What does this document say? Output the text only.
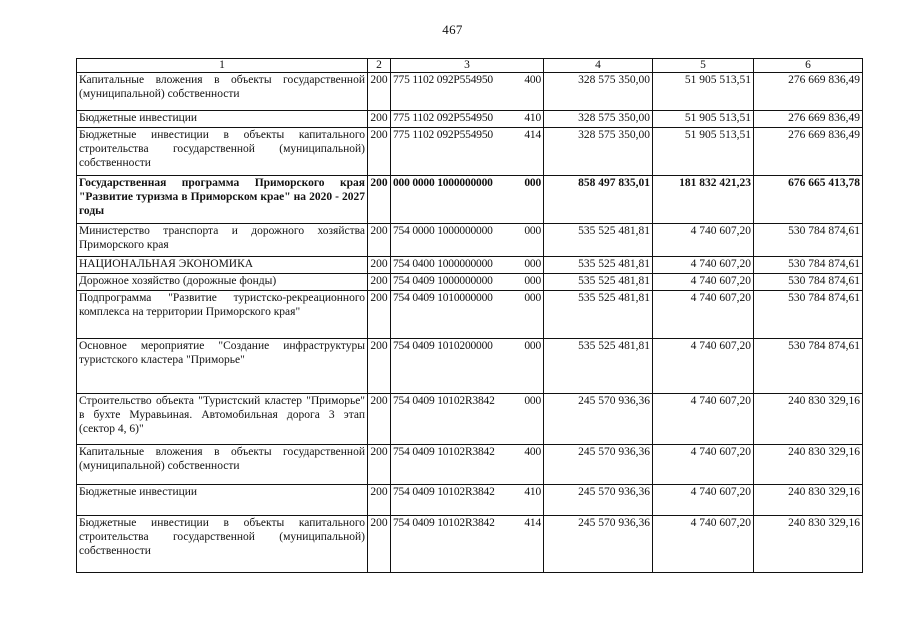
467
1	2	3	4	5	6
Капитальные вложения в объекты государственной (муниципальной) собственности	200	775 1102 092P554950 400	328 575 350,00	51 905 513,51	276 669 836,49
Бюджетные инвестиции	200	775 1102 092P554950 410	328 575 350,00	51 905 513,51	276 669 836,49
Бюджетные инвестиции в объекты капитального строительства государственной (муниципальной) собственности	200	775 1102 092P554950 414	328 575 350,00	51 905 513,51	276 669 836,49
Государственная программа Приморского края "Развитие туризма в Приморском крае" на 2020 - 2027 годы	200	000 0000 1000000000 000	858 497 835,01	181 832 421,23	676 665 413,78
Министерство транспорта и дорожного хозяйства Приморского края	200	754 0000 1000000000 000	535 525 481,81	4 740 607,20	530 784 874,61
НАЦИОНАЛЬНАЯ ЭКОНОМИКА	200	754 0400 1000000000 000	535 525 481,81	4 740 607,20	530 784 874,61
Дорожное хозяйство (дорожные фонды)	200	754 0409 1000000000 000	535 525 481,81	4 740 607,20	530 784 874,61
Подпрограмма "Развитие туристско-рекреационного комплекса на территории Приморского края"	200	754 0409 1010000000 000	535 525 481,81	4 740 607,20	530 784 874,61
Основное мероприятие "Создание инфраструктуры туристского кластера "Приморье"	200	754 0409 1010200000 000	535 525 481,81	4 740 607,20	530 784 874,61
Строительство объекта "Туристский кластер "Приморье" в бухте Муравьиная. Автомобильная дорога 3 этап (сектор 4, 6)"	200	754 0409 10102R3842 000	245 570 936,36	4 740 607,20	240 830 329,16
Капитальные вложения в объекты государственной (муниципальной) собственности	200	754 0409 10102R3842 400	245 570 936,36	4 740 607,20	240 830 329,16
Бюджетные инвестиции	200	754 0409 10102R3842 410	245 570 936,36	4 740 607,20	240 830 329,16
Бюджетные инвестиции в объекты капитального строительства государственной (муниципальной) собственности	200	754 0409 10102R3842 414	245 570 936,36	4 740 607,20	240 830 329,16
